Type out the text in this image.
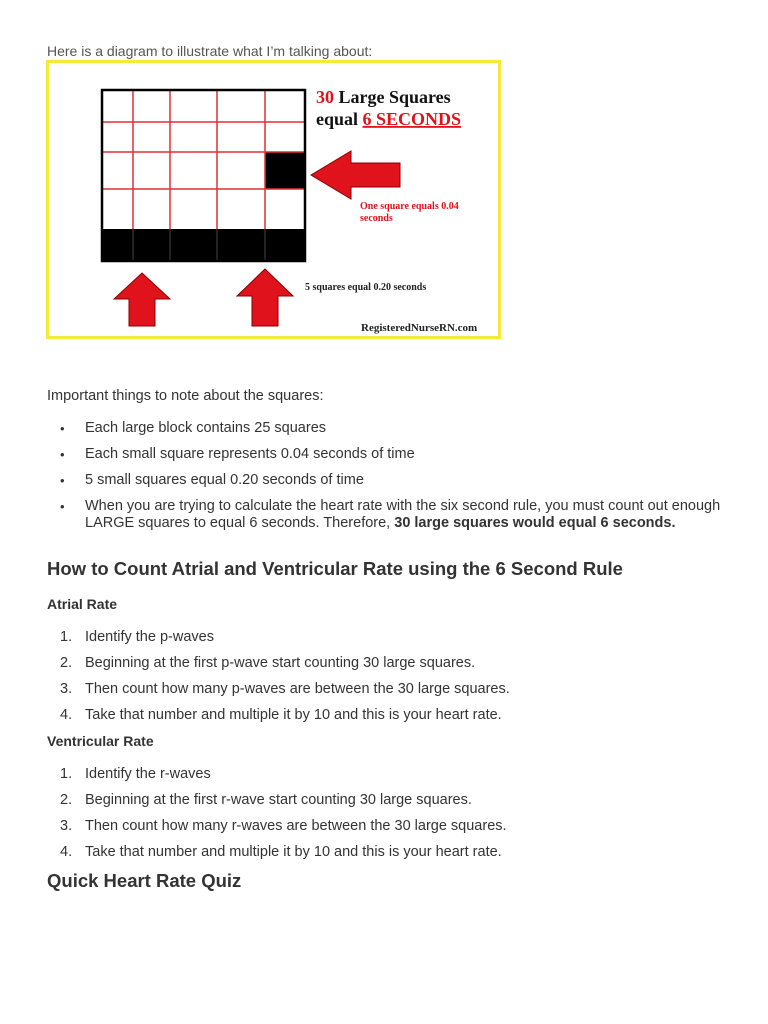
Here is a diagram to illustrate what I’m talking about:

30 Large Squares
equal 6 SECONDS
One square equals 0.04
seconds
5 squares equal 0.20 seconds
RegisteredNurseRN.com

Important things to note about the squares:

• Each large block contains 25 squares
• Each small square represents 0.04 seconds of time
• 5 small squares equal 0.20 seconds of time
• When you are trying to calculate the heart rate with the six second rule, you must count out enough LARGE squares to equal 6 seconds. Therefore, 30 large squares would equal 6 seconds.
How to Count Atrial and Ventricular Rate using the 6 Second Rule
Atrial Rate
1. Identify the p-waves
2. Beginning at the first p-wave start counting 30 large squares.
3. Then count how many p-waves are between the 30 large squares.
4. Take that number and multiple it by 10 and this is your heart rate.
Ventricular Rate
1. Identify the r-waves
2. Beginning at the first r-wave start counting 30 large squares.
3. Then count how many r-waves are between the 30 large squares.
4. Take that number and multiple it by 10 and this is your heart rate.
Quick Heart Rate Quiz
